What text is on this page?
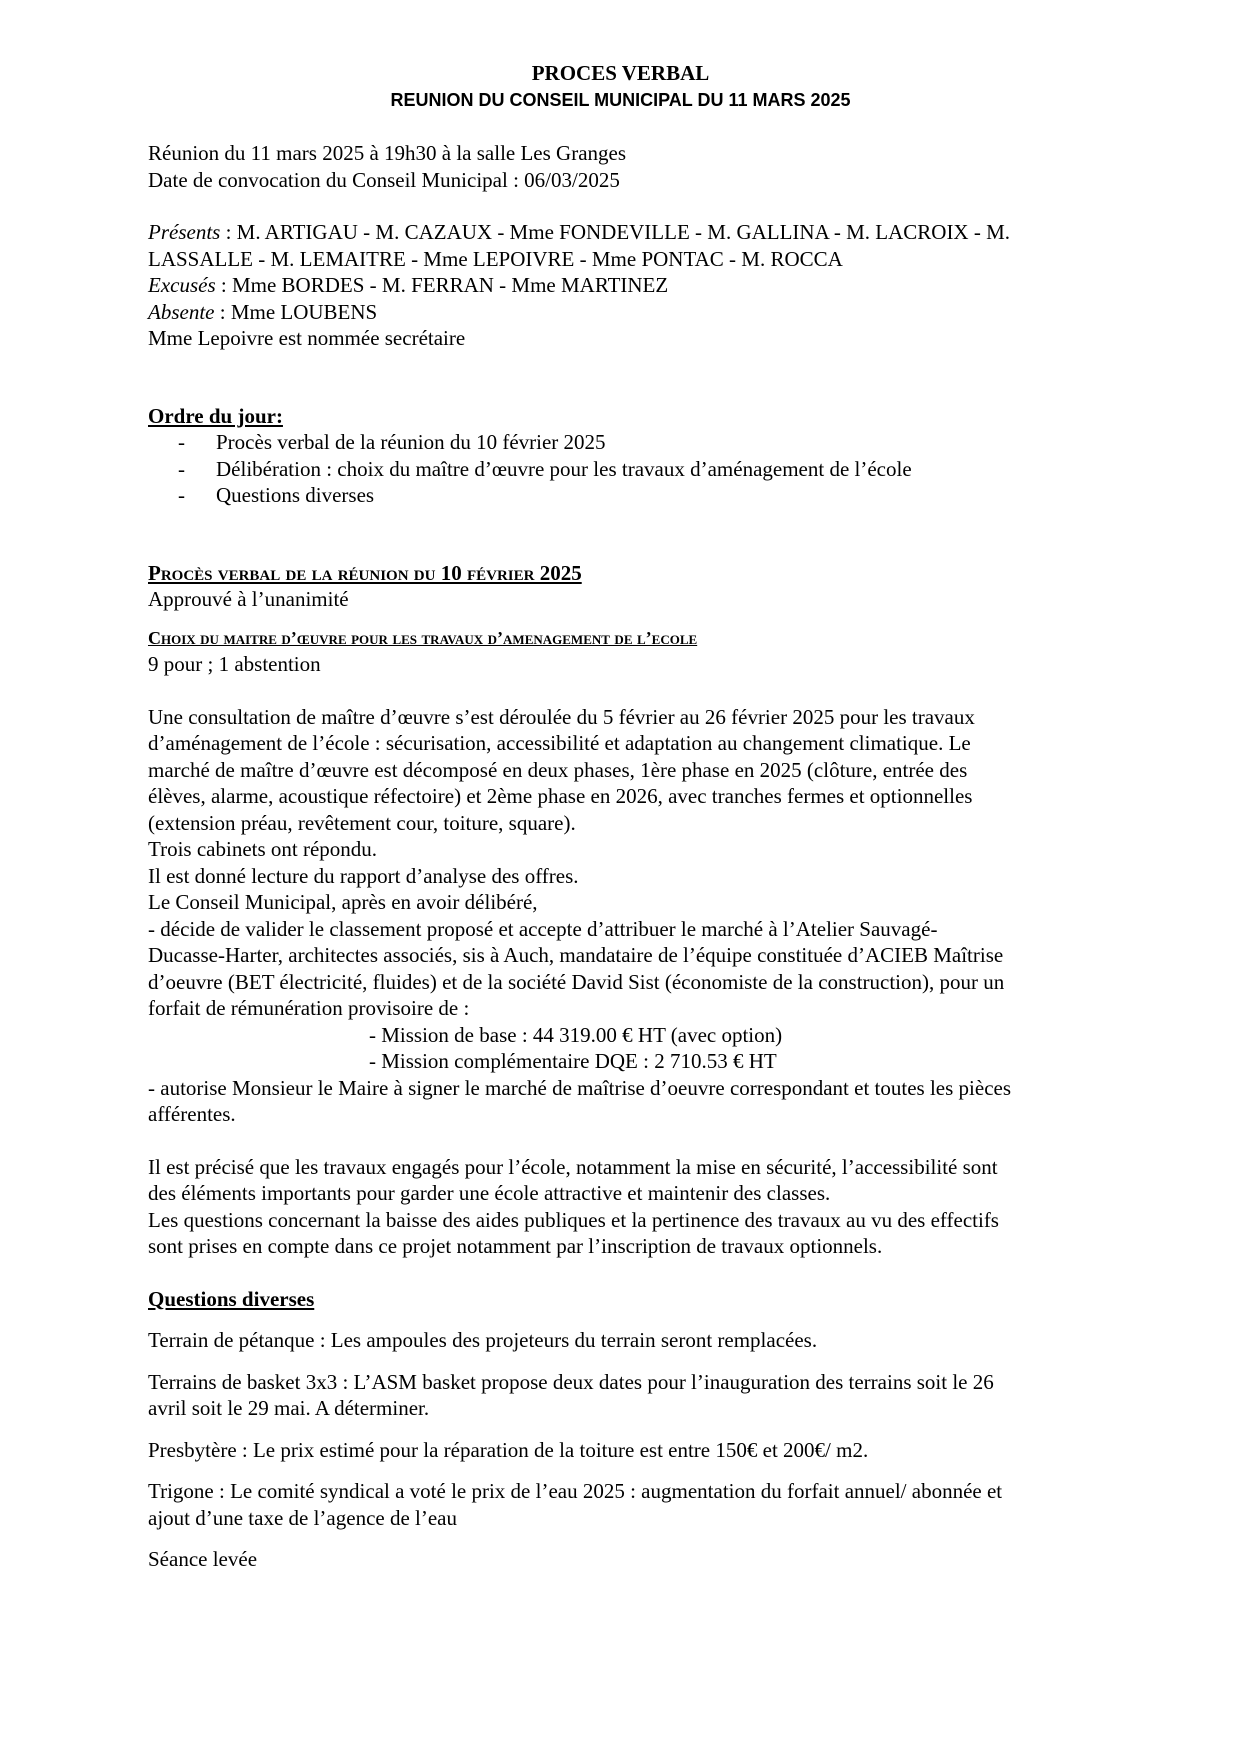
PROCES VERBAL
REUNION DU CONSEIL MUNICIPAL DU 11 MARS 2025
Réunion du 11 mars 2025 à 19h30 à la salle Les Granges
Date de convocation du Conseil Municipal : 06/03/2025
Présents : M. ARTIGAU - M. CAZAUX - Mme FONDEVILLE - M. GALLINA - M. LACROIX - M.
LASSALLE - M. LEMAITRE - Mme LEPOIVRE - Mme PONTAC - M. ROCCA
Excusés : Mme BORDES - M. FERRAN - Mme MARTINEZ
Absente : Mme LOUBENS
Mme Lepoivre est nommée secrétaire
Ordre du jour:
-	Procès verbal de la réunion du 10 février 2025
-	Délibération : choix du maître d’œuvre pour les travaux d’aménagement de l’école
-	Questions diverses
Procès verbal de la réunion du 10 février 2025
Approuvé à l’unanimité
Choix du maitre d’œuvre pour les travaux d’amenagement de l’ecole
9 pour ; 1 abstention
Une consultation de maître d’œuvre s’est déroulée du 5 février au 26 février 2025 pour les travaux
d’aménagement de l’école : sécurisation, accessibilité et adaptation au changement climatique. Le
marché de maître d’œuvre est décomposé en deux phases, 1ère phase en 2025 (clôture, entrée des
élèves, alarme, acoustique réfectoire) et 2ème phase en 2026, avec tranches fermes et optionnelles
(extension préau, revêtement cour, toiture, square).
Trois cabinets ont répondu.
Il est donné lecture du rapport d’analyse des offres.
Le Conseil Municipal, après en avoir délibéré,
- décide de valider le classement proposé et accepte d’attribuer le marché à l’Atelier Sauvagé-
Ducasse-Harter, architectes associés, sis à Auch, mandataire de l’équipe constituée d’ACIEB Maîtrise
d’oeuvre (BET électricité, fluides) et de la société David Sist (économiste de la construction), pour un
forfait de rémunération provisoire de :
- Mission de base : 44 319.00 € HT (avec option)
- Mission complémentaire DQE : 2 710.53 € HT
- autorise Monsieur le Maire à signer le marché de maîtrise d’oeuvre correspondant et toutes les pièces
afférentes.
Il est précisé que les travaux engagés pour l’école, notamment la mise en sécurité, l’accessibilité sont
des éléments importants pour garder une école attractive et maintenir des classes.
Les questions concernant la baisse des aides publiques et la pertinence des travaux au vu des effectifs
sont prises en compte dans ce projet notamment par l’inscription de travaux optionnels.
Questions diverses
Terrain de pétanque : Les ampoules des projeteurs du terrain seront remplacées.
Terrains de basket 3x3 : L’ASM basket propose deux dates pour l’inauguration des terrains soit le 26
avril soit le 29 mai. A déterminer.
Presbytère : Le prix estimé pour la réparation de la toiture est entre 150€ et 200€/ m2.
Trigone : Le comité syndical a voté le prix de l’eau 2025 : augmentation du forfait annuel/ abonnée et
ajout d’une taxe de l’agence de l’eau
Séance levée
